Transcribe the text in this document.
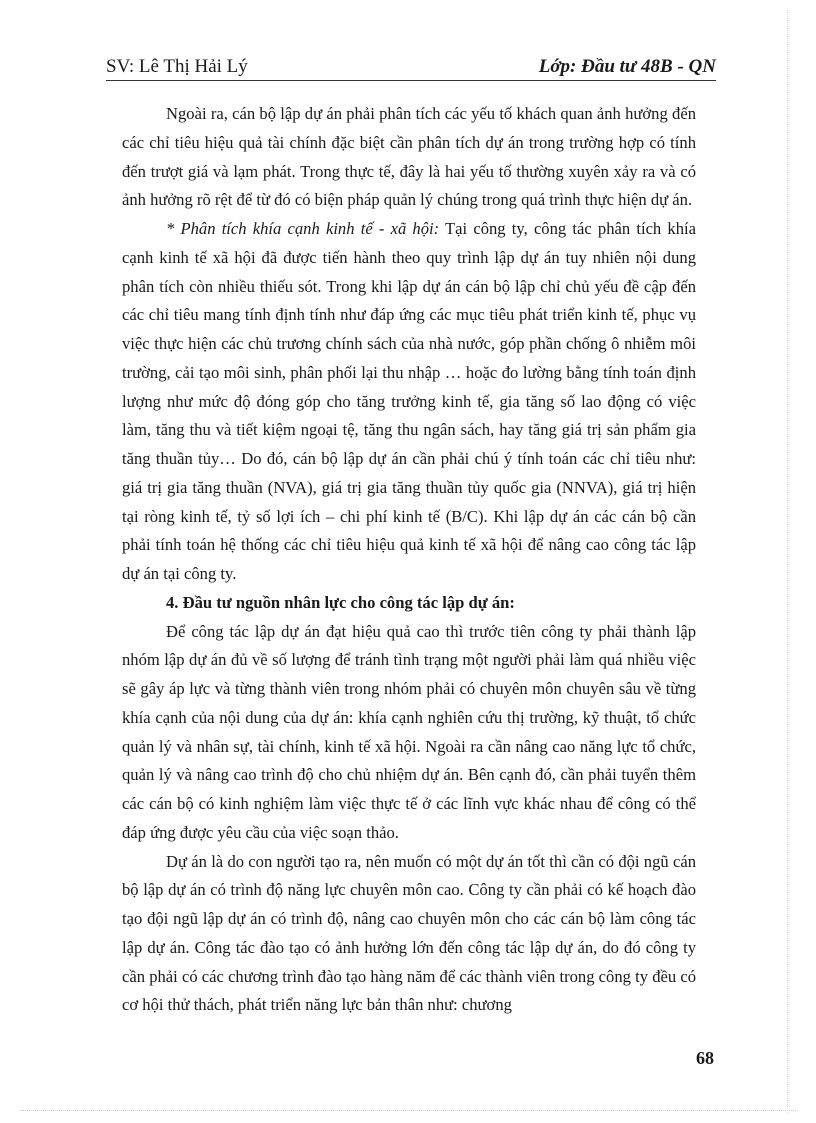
SV: Lê Thị Hải Lý	Lớp: Đầu tư 48B - QN

Ngoài ra, cán bộ lập dự án phải phân tích các yếu tố khách quan ảnh hưởng đến các chỉ tiêu hiệu quả tài chính đặc biệt cần phân tích dự án trong trường hợp có tính đến trượt giá và lạm phát. Trong thực tế, đây là hai yếu tố thường xuyên xảy ra và có ảnh hưởng rõ rệt để từ đó có biện pháp quản lý chúng trong quá trình thực hiện dự án.

* Phân tích khía cạnh kinh tế - xã hội: Tại công ty, công tác phân tích khía cạnh kinh tế xã hội đã được tiến hành theo quy trình lập dự án tuy nhiên nội dung phân tích còn nhiều thiếu sót. Trong khi lập dự án cán bộ lập chỉ chủ yếu đề cập đến các chỉ tiêu mang tính định tính như đáp ứng các mục tiêu phát triển kinh tế, phục vụ việc thực hiện các chủ trương chính sách của nhà nước, góp phần chống ô nhiễm môi trường, cải tạo môi sinh, phân phối lại thu nhập … hoặc đo lường bằng tính toán định lượng như mức độ đóng góp cho tăng trưởng kinh tế, gia tăng số lao động có việc làm, tăng thu và tiết kiệm ngoại tệ, tăng thu ngân sách, hay tăng giá trị sản phẩm gia tăng thuần tủy… Do đó, cán bộ lập dự án cần phải chú ý tính toán các chỉ tiêu như: giá trị gia tăng thuần (NVA), giá trị gia tăng thuần tủy quốc gia (NNVA), giá trị hiện tại ròng kinh tế, tỷ số lợi ích – chi phí kinh tế (B/C). Khi lập dự án các cán bộ cần phải tính toán hệ thống các chỉ tiêu hiệu quả kinh tế xã hội để nâng cao công tác lập dự án tại công ty.

4. Đầu tư nguồn nhân lực cho công tác lập dự án:

Để công tác lập dự án đạt hiệu quả cao thì trước tiên công ty phải thành lập nhóm lập dự án đủ về số lượng để tránh tình trạng một người phải làm quá nhiều việc sẽ gây áp lực và từng thành viên trong nhóm phải có chuyên môn chuyên sâu về từng khía cạnh của nội dung của dự án: khía cạnh nghiên cứu thị trường, kỹ thuật, tổ chức quản lý và nhân sự, tài chính, kinh tế xã hội. Ngoài ra cần nâng cao năng lực tổ chức, quản lý và nâng cao trình độ cho chủ nhiệm dự án. Bên cạnh đó, cần phải tuyển thêm các cán bộ có kinh nghiệm làm việc thực tế ở các lĩnh vực khác nhau để công có thể đáp ứng được yêu cầu của việc soạn thảo.

Dự án là do con người tạo ra, nên muốn có một dự án tốt thì cần có đội ngũ cán bộ lập dự án có trình độ năng lực chuyên môn cao. Công ty cần phải có kế hoạch đào tạo đội ngũ lập dự án có trình độ, nâng cao chuyên môn cho các cán bộ làm công tác lập dự án. Công tác đào tạo có ảnh hưởng lớn đến công tác lập dự án, do đó công ty cần phải có các chương trình đào tạo hàng năm để các thành viên trong công ty đều có cơ hội thử thách, phát triển năng lực bản thân như: chương

68
